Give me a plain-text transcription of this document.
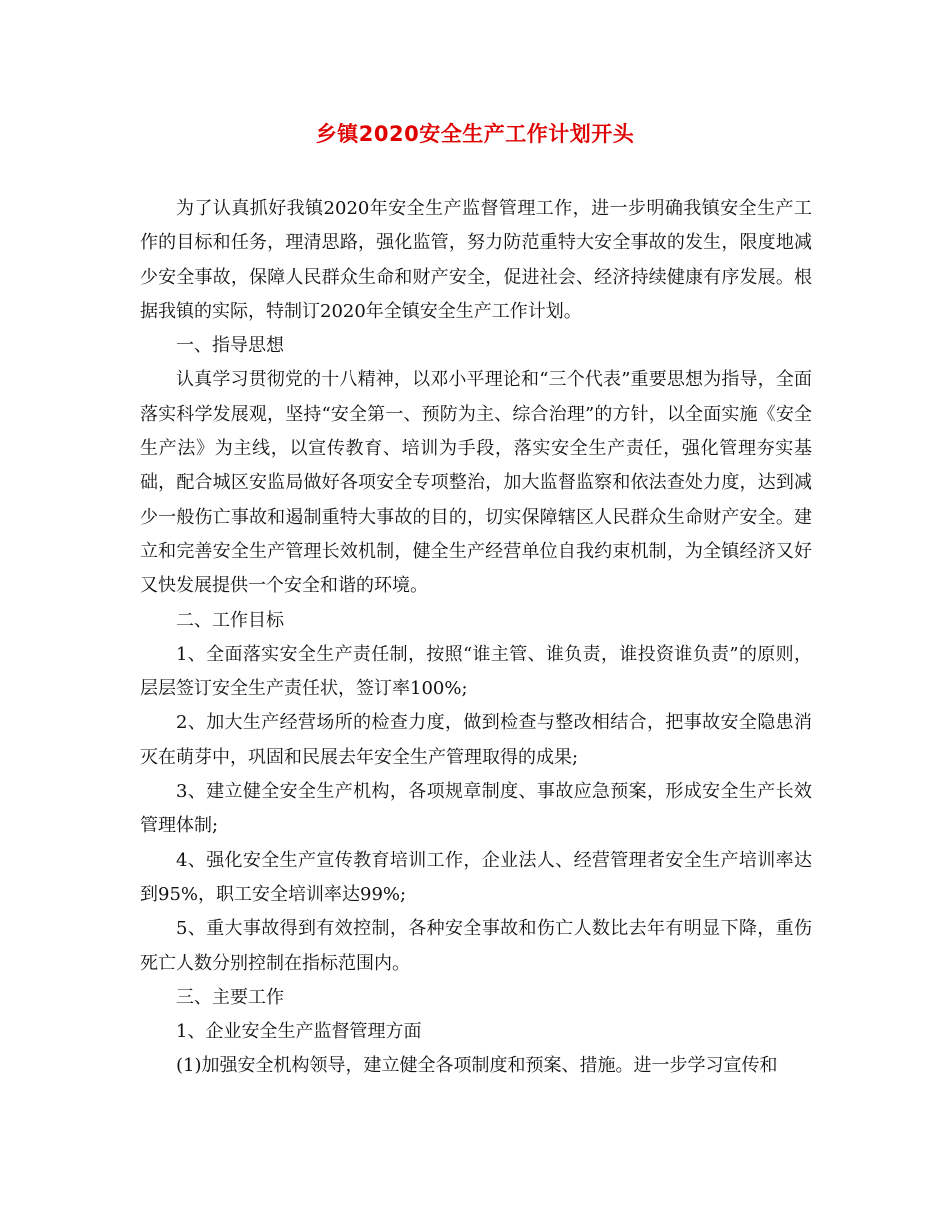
乡镇2020安全生产工作计划开头

为了认真抓好我镇2020年安全生产监督管理工作，进一步明确我镇安全生产工作的目标和任务，理清思路，强化监管，努力防范重特大安全事故的发生，限度地减少安全事故，保障人民群众生命和财产安全，促进社会、经济持续健康有序发展。根据我镇的实际，特制订2020年全镇安全生产工作计划。

一、指导思想

认真学习贯彻党的十八精神，以邓小平理论和“三个代表”重要思想为指导，全面落实科学发展观，坚持“安全第一、预防为主、综合治理”的方针，以全面实施《安全生产法》为主线，以宣传教育、培训为手段，落实安全生产责任，强化管理夯实基础，配合城区安监局做好各项安全专项整治，加大监督监察和依法查处力度，达到减少一般伤亡事故和遏制重特大事故的目的，切实保障辖区人民群众生命财产安全。建立和完善安全生产管理长效机制，健全生产经营单位自我约束机制，为全镇经济又好又快发展提供一个安全和谐的环境。

二、工作目标

1、全面落实安全生产责任制，按照“谁主管、谁负责，谁投资谁负责”的原则，层层签订安全生产责任状，签订率100%;

2、加大生产经营场所的检查力度，做到检查与整改相结合，把事故安全隐患消灭在萌芽中，巩固和民展去年安全生产管理取得的成果;

3、建立健全安全生产机构，各项规章制度、事故应急预案，形成安全生产长效管理体制;

4、强化安全生产宣传教育培训工作，企业法人、经营管理者安全生产培训率达到95%，职工安全培训率达99%;

5、重大事故得到有效控制，各种安全事故和伤亡人数比去年有明显下降，重伤死亡人数分别控制在指标范围内。

三、主要工作

1、企业安全生产监督管理方面

(1)加强安全机构领导，建立健全各项制度和预案、措施。进一步学习宣传和
